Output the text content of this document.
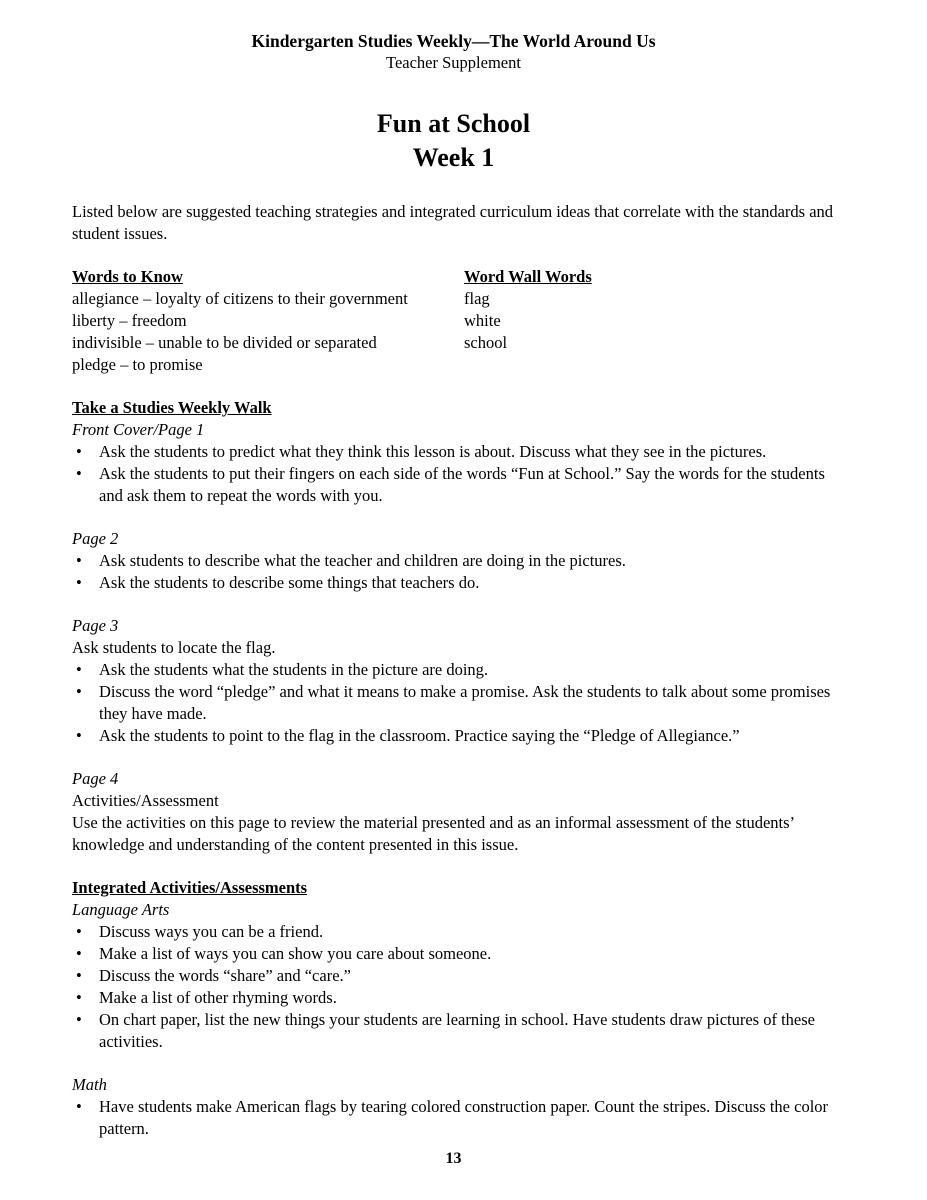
Kindergarten Studies Weekly—The World Around Us
Teacher Supplement
Fun at School
Week 1
Listed below are suggested teaching strategies and integrated curriculum ideas that correlate with the standards and student issues.
Words to Know
allegiance – loyalty of citizens to their government
liberty – freedom
indivisible – unable to be divided or separated
pledge – to promise
Word Wall Words
flag
white
school
Take a Studies Weekly Walk
Front Cover/Page 1
• Ask the students to predict what they think this lesson is about. Discuss what they see in the pictures.
• Ask the students to put their fingers on each side of the words “Fun at School.” Say the words for the students and ask them to repeat the words with you.
Page 2
• Ask students to describe what the teacher and children are doing in the pictures.
• Ask the students to describe some things that teachers do.
Page 3
Ask students to locate the flag.
• Ask the students what the students in the picture are doing.
• Discuss the word “pledge” and what it means to make a promise. Ask the students to talk about some promises they have made.
• Ask the students to point to the flag in the classroom. Practice saying the “Pledge of Allegiance.”
Page 4
Activities/Assessment
Use the activities on this page to review the material presented and as an informal assessment of the students’ knowledge and understanding of the content presented in this issue.
Integrated Activities/Assessments
Language Arts
• Discuss ways you can be a friend.
• Make a list of ways you can show you care about someone.
• Discuss the words “share” and “care.”
• Make a list of other rhyming words.
• On chart paper, list the new things your students are learning in school. Have students draw pictures of these activities.
Math
• Have students make American flags by tearing colored construction paper. Count the stripes. Discuss the color pattern.
13
